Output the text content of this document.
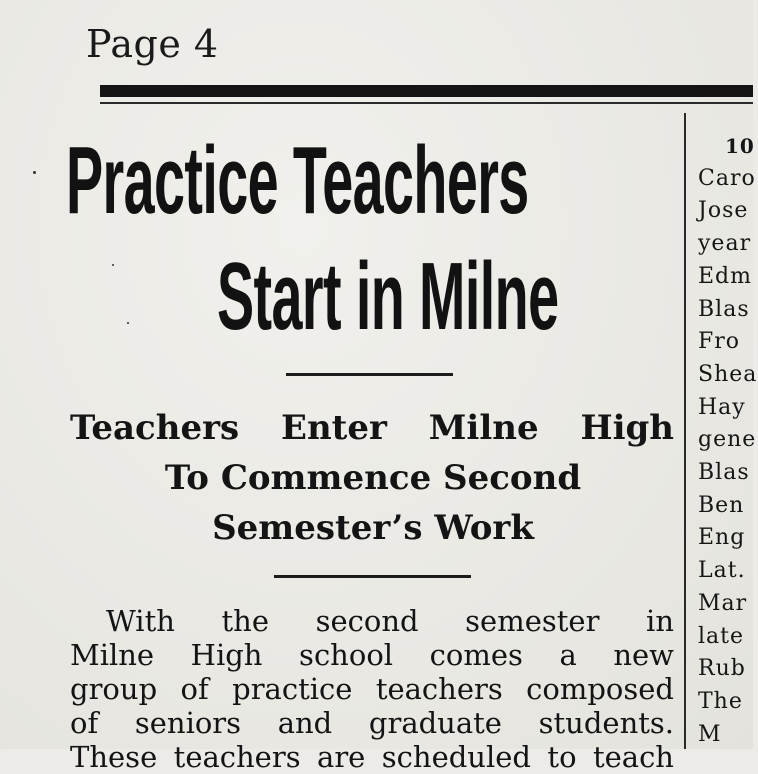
Page 4
Practice Teachers
Start in Milne
Teachers Enter Milne High
To Commence Second
Semester’s Work
With the second semester in
Milne High school comes a new
group of practice teachers composed
of seniors and graduate students.
These teachers are scheduled to teach
10
Caro
Jose
year
Edm
Blas
Fro
Shea
Hay
gene
Blas
Ben
Eng
Lat.
Mar
late
Rub
The
M
